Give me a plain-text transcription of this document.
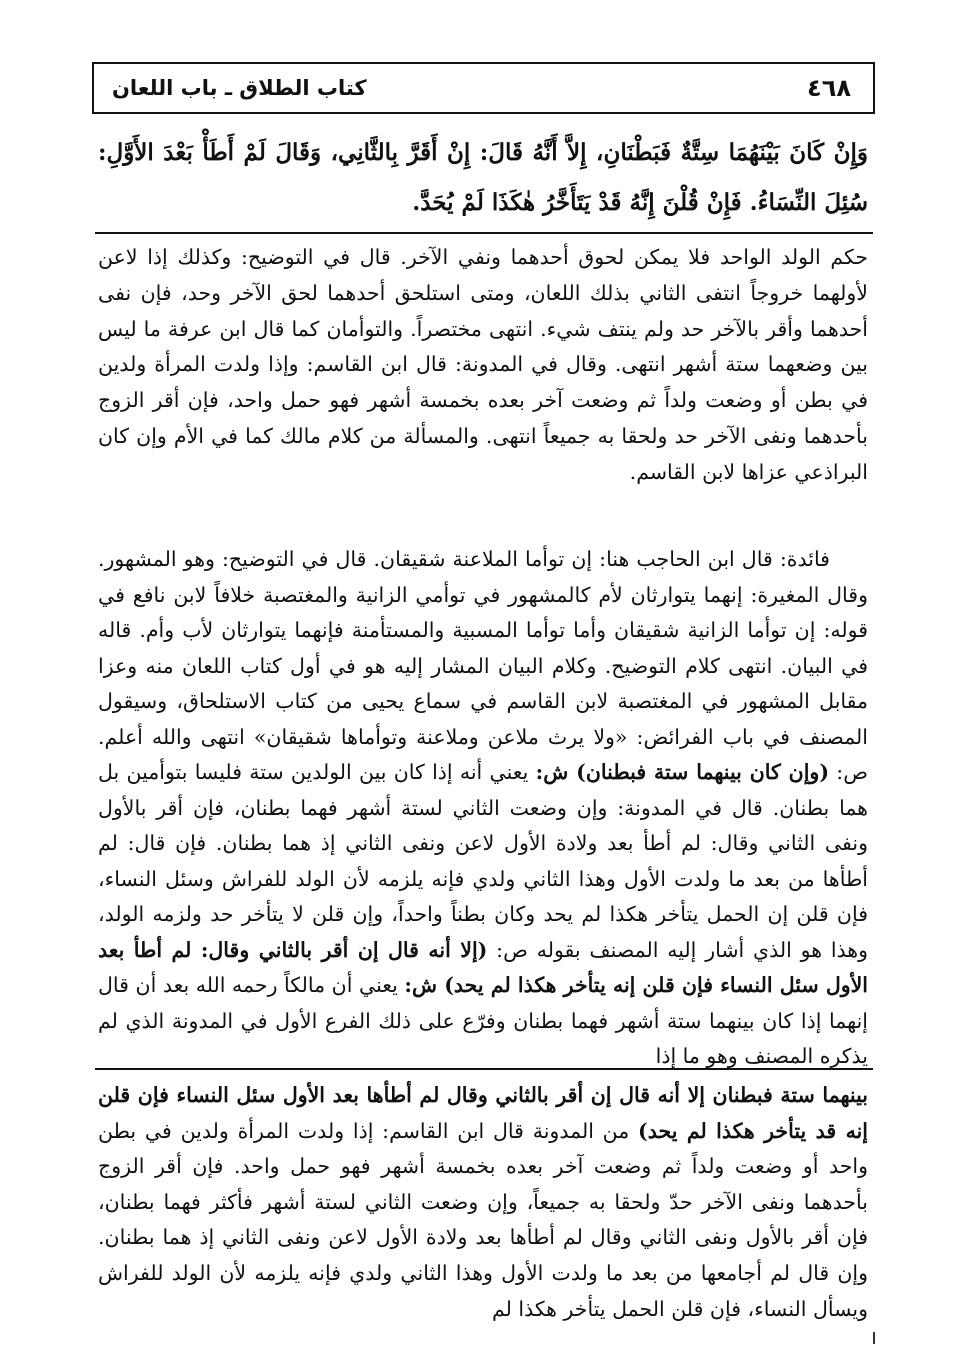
٤٦٨
كتاب الطلاق ـ باب اللعان

وَإِنْ كَانَ بَيْنَهُمَا سِتَّةٌ فَبَطْنَانِ، إِلاَّ أَنَّهُ قَالَ: إِنْ أَقَرَّ بِالثَّانِي، وَقَالَ لَمْ أَطَأْ بَعْدَ الأَوَّلِ: سُئِلَ النِّسَاءُ. فَإِنْ قُلْنَ إِنَّهُ قَدْ يَتَأَخَّرُ هٰكَذَا لَمْ يُحَدَّ.

حكم الولد الواحد فلا يمكن لحوق أحدهما ونفي الآخر. قال في التوضيح: وكذلك إذا لاعن لأولهما خروجاً انتفى الثاني بذلك اللعان، ومتى استلحق أحدهما لحق الآخر وحد، فإن نفى أحدهما وأقر بالآخر حد ولم ينتف شيء. انتهى مختصراً. والتوأمان كما قال ابن عرفة ما ليس بين وضعهما ستة أشهر انتهى. وقال في المدونة: قال ابن القاسم: وإذا ولدت المرأة ولدين في بطن أو وضعت ولداً ثم وضعت آخر بعده بخمسة أشهر فهو حمل واحد، فإن أقر الزوج بأحدهما ونفى الآخر حد ولحقا به جميعاً انتهى. والمسألة من كلام مالك كما في الأم وإن كان البراذعي عزاها لابن القاسم.

فائدة: قال ابن الحاجب هنا: إن توأما الملاعنة شقيقان. قال في التوضيح: وهو المشهور. وقال المغيرة: إنهما يتوارثان لأم كالمشهور في توأمي الزانية والمغتصبة خلافاً لابن نافع في قوله: إن توأما الزانية شقيقان وأما توأما المسبية والمستأمنة فإنهما يتوارثان لأب وأم. قاله في البيان. انتهى كلام التوضيح. وكلام البيان المشار إليه هو في أول كتاب اللعان منه وعزا مقابل المشهور في المغتصبة لابن القاسم في سماع يحيى من كتاب الاستلحاق، وسيقول المصنف في باب الفرائض: «ولا يرث ملاعن وملاعنة وتوأماها شقيقان» انتهى والله أعلم. ص: (وإن كان بينهما ستة فبطنان) ش: يعني أنه إذا كان بين الولدين ستة فليسا بتوأمين بل هما بطنان. قال في المدونة: وإن وضعت الثاني لستة أشهر فهما بطنان، فإن أقر بالأول ونفى الثاني وقال: لم أطأ بعد ولادة الأول لاعن ونفى الثاني إذ هما بطنان. فإن قال: لم أطأها من بعد ما ولدت الأول وهذا الثاني ولدي فإنه يلزمه لأن الولد للفراش وسئل النساء، فإن قلن إن الحمل يتأخر هكذا لم يحد وكان بطناً واحداً، وإن قلن لا يتأخر حد ولزمه الولد، وهذا هو الذي أشار إليه المصنف بقوله ص: (إلا أنه قال إن أقر بالثاني وقال: لم أطأ بعد الأول سئل النساء فإن قلن إنه يتأخر هكذا لم يحد) ش: يعني أن مالكاً رحمه الله بعد أن قال إنهما إذا كان بينهما ستة أشهر فهما بطنان وفرّع على ذلك الفرع الأول في المدونة الذي لم يذكره المصنف وهو ما إذا

بينهما ستة فبطنان إلا أنه قال إن أقر بالثاني وقال لم أطأها بعد الأول سئل النساء فإن قلن إنه قد يتأخر هكذا لم يحد) من المدونة قال ابن القاسم: إذا ولدت المرأة ولدين في بطن واحد أو وضعت ولداً ثم وضعت آخر بعده بخمسة أشهر فهو حمل واحد. فإن أقر الزوج بأحدهما ونفى الآخر حدّ ولحقا به جميعاً، وإن وضعت الثاني لستة أشهر فأكثر فهما بطنان، فإن أقر بالأول ونفى الثاني وقال لم أطأها بعد ولادة الأول لاعن ونفى الثاني إذ هما بطنان. وإن قال لم أجامعها من بعد ما ولدت الأول وهذا الثاني ولدي فإنه يلزمه لأن الولد للفراش ويسأل النساء، فإن قلن الحمل يتأخر هكذا لم
